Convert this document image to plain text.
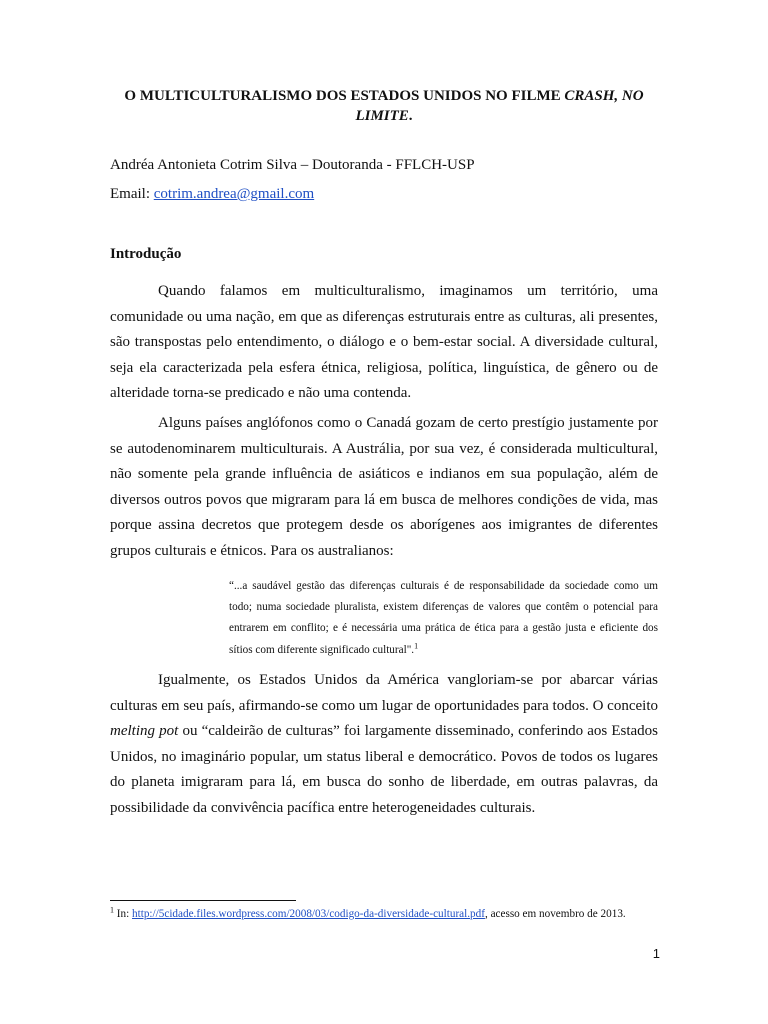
O MULTICULTURALISMO DOS ESTADOS UNIDOS NO FILME CRASH, NO LIMITE.
Andréa Antonieta Cotrim Silva – Doutoranda - FFLCH-USP
Email: cotrim.andrea@gmail.com
Introdução
Quando falamos em multiculturalismo, imaginamos um território, uma comunidade ou uma nação, em que as diferenças estruturais entre as culturas, ali presentes, são transpostas pelo entendimento, o diálogo e o bem-estar social. A diversidade cultural, seja ela caracterizada pela esfera étnica, religiosa, política, linguística, de gênero ou de alteridade torna-se predicado e não uma contenda.
Alguns países anglófonos como o Canadá gozam de certo prestígio justamente por se autodenominarem multiculturais. A Austrália, por sua vez, é considerada multicultural, não somente pela grande influência de asiáticos e indianos em sua população, além de diversos outros povos que migraram para lá em busca de melhores condições de vida, mas porque assina decretos que protegem desde os aborígenes aos imigrantes de diferentes grupos culturais e étnicos. Para os australianos:
“...a saudável gestão das diferenças culturais é de responsabilidade da sociedade como um todo; numa sociedade pluralista, existem diferenças de valores que contêm o potencial para entrarem em conflito; e é necessária uma prática de ética para a gestão justa e eficiente dos sítios com diferente significado cultural".$^1$
Igualmente, os Estados Unidos da América vangloriam-se por abarcar várias culturas em seu país, afirmando-se como um lugar de oportunidades para todos. O conceito melting pot ou “caldeirão de culturas” foi largamente disseminado, conferindo aos Estados Unidos, no imaginário popular, um status liberal e democrático. Povos de todos os lugares do planeta imigraram para lá, em busca do sonho de liberdade, em outras palavras, da possibilidade da convivência pacífica entre heterogeneidades culturais.
$^1$ In: http://5cidade.files.wordpress.com/2008/03/codigo-da-diversidade-cultural.pdf, acesso em novembro de 2013.
1
